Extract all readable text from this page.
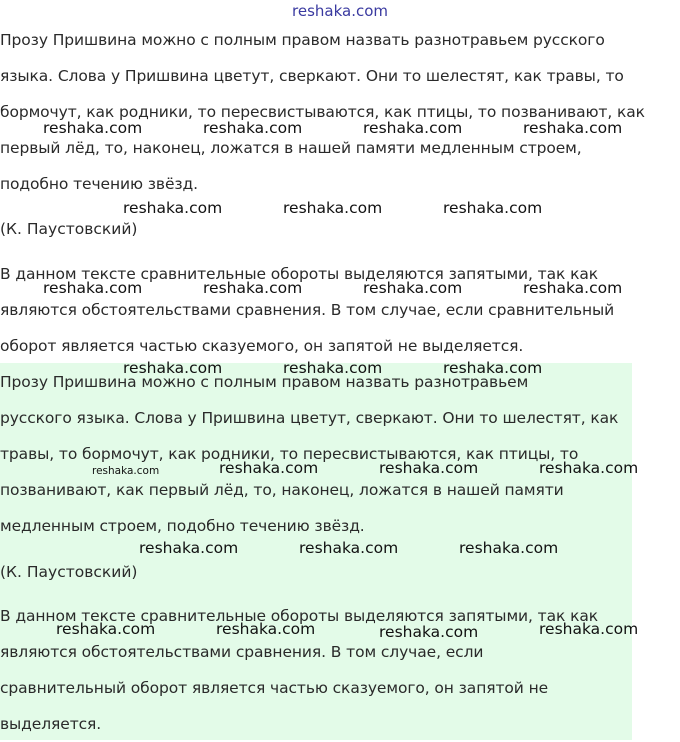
reshaka.com
Прозу Пришвина можно с полным правом назвать разнотравьем русского
языка. Слова у Пришвина цветут, сверкают. Они то шелестят, как травы, то
бормочут, как родники, то пересвистываются, как птицы, то позванивают, как
первый лёд, то, наконец, ложатся в нашей памяти медленным строем,
подобно течению звёзд.
(К. Паустовский)
В данном тексте сравнительные обороты выделяются запятыми, так как
являются обстоятельствами сравнения. В том случае, если сравнительный
оборот является частью сказуемого, он запятой не выделяется.
Прозу Пришвина можно с полным правом назвать разнотравьем
русского языка. Слова у Пришвина цветут, сверкают. Они то шелестят, как
травы, то бормочут, как родники, то пересвистываются, как птицы, то
позванивают, как первый лёд, то, наконец, ложатся в нашей памяти
медленным строем, подобно течению звёзд.
(К. Паустовский)
В данном тексте сравнительные обороты выделяются запятыми, так как
являются обстоятельствами сравнения. В том случае, если
сравнительный оборот является частью сказуемого, он запятой не
выделяется.
reshaka.com	reshaka.com	reshaka.com	reshaka.com
reshaka.com	reshaka.com	reshaka.com
reshaka.com	reshaka.com	reshaka.com	reshaka.com
reshaka.com	reshaka.com	reshaka.com
reshaka.com	reshaka.com	reshaka.com	reshaka.com
reshaka.com	reshaka.com	reshaka.com
reshaka.com	reshaka.com	reshaka.com	reshaka.com
